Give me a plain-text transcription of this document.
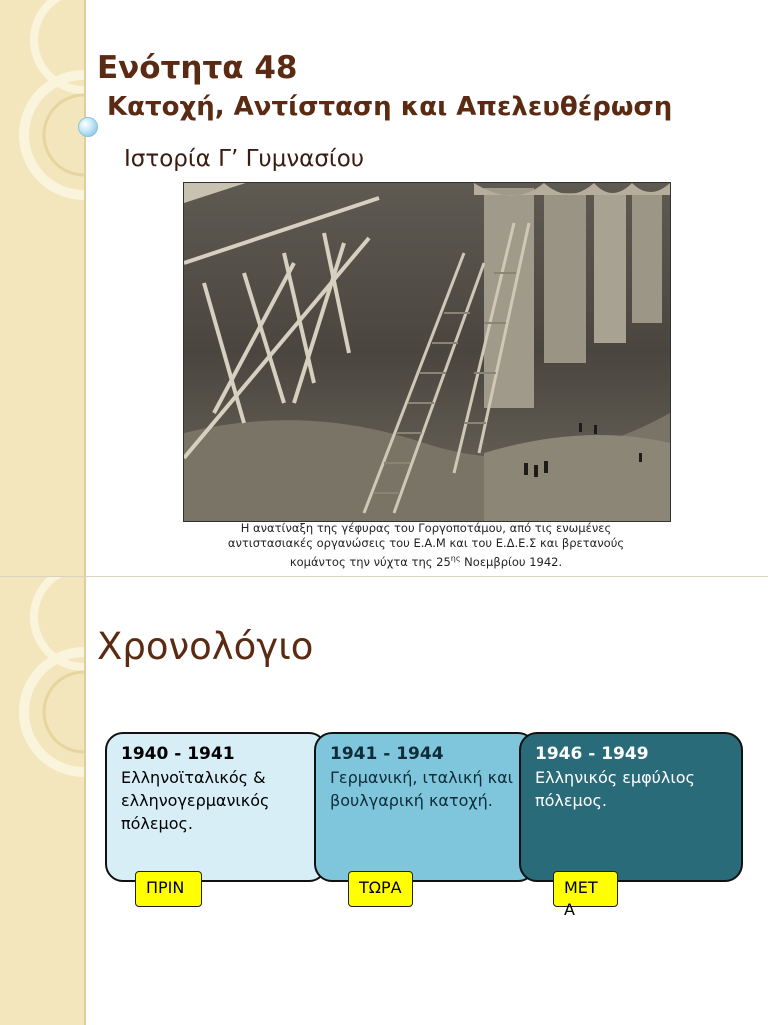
Ενότητα 48
Κατοχή, Αντίσταση και Απελευθέρωση
Ιστορία Γ’ Γυμνασίου
Η ανατίναξη της γέφυρας του Γοργοποτάμου, από τις ενωμένες
αντιστασιακές οργανώσεις του Ε.Α.Μ και του Ε.Δ.Ε.Σ και βρετανούς
κομάντος την νύχτα της $25^{\eta\varsigma}$ Νοεμβρίου 1942.
Χρονολόγιο
1940 - 1941
Ελληνοϊταλικός & ελληνογερμανικός πόλεμος.
1941 - 1944
Γερμανική, ιταλική και βουλγαρική κατοχή.
1946 - 1949
Ελληνικός εμφύλιος πόλεμος.
ΠΡΙΝ	ΤΩΡΑ	ΜΕΤΑ
